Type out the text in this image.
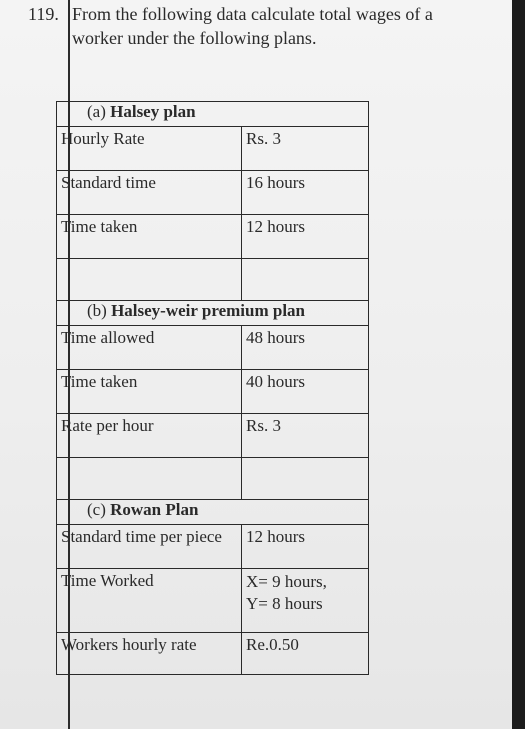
119. From the following data calculate total wages of a
worker under the following plans.
(a) Halsey plan	
Hourly Rate	Rs. 3
Standard time	16 hours
Time taken	12 hours

(b) Halsey-weir premium plan	
Time allowed	48 hours
Time taken	40 hours
Rate per hour	Rs. 3

(c) Rowan Plan	
Standard time per piece	12 hours
Time Worked	X= 9 hours,
Y= 8 hours

Workers hourly rate	Re.0.50
